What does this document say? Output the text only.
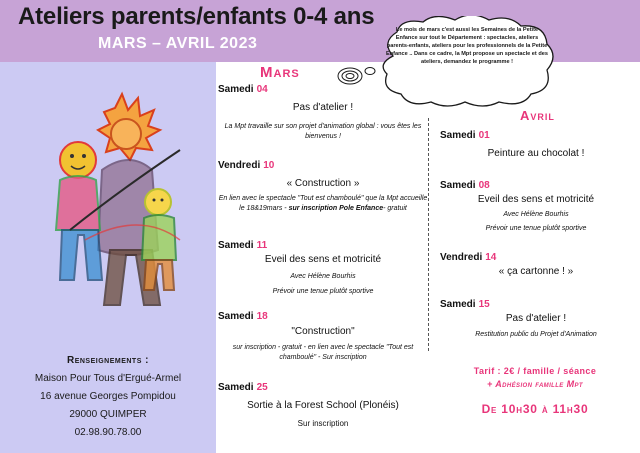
Ateliers parents/enfants 0-4 ans
MARS – AVRIL 2023
Renseignements :
Maison Pour Tous d'Ergué-Armel
16 avenue Georges Pompidou
29000 QUIMPER
02.98.90.78.00
Le mois de mars c'est aussi les Semaines de la Petite Enfance sur tout le Département : spectacles, ateliers parents-enfants, ateliers pour les professionnels de la Petite Enfance .. Dans ce cadre, la Mpt propose un spectacle et des ateliers, demandez le programme !
Mars
Samedi 04
Pas d'atelier !
La Mpt travaille sur son projet d'animation global : vous êtes les bienvenus !
Vendredi 10
« Construction »
En lien avec le spectacle "Tout est chamboulé" que la Mpt accueille le 18&19mars - sur inscription Pole Enfance- gratuit
Samedi 11
Eveil des sens et motricité
Avec Hélène Bourhis
Prévoir une tenue plutôt sportive
Samedi 18
"Construction"
sur inscription - gratuit - en lien avec le spectacle "Tout est chamboulé" - Sur inscription
Samedi 25
Sortie à la Forest School (Plonéis)
Sur inscription
Avril
Samedi 01
Peinture au chocolat !
Samedi 08
Eveil des sens et motricité
Avec Hélène Bourhis
Prévoir une tenue plutôt sportive
Vendredi 14
« ça cartonne ! »
Samedi 15
Pas d'atelier !
Restitution public du Projet d'Animation
Tarif : 2€ / famille / séance
+ Adhésion famille Mpt
De 10h30 à 11h30
